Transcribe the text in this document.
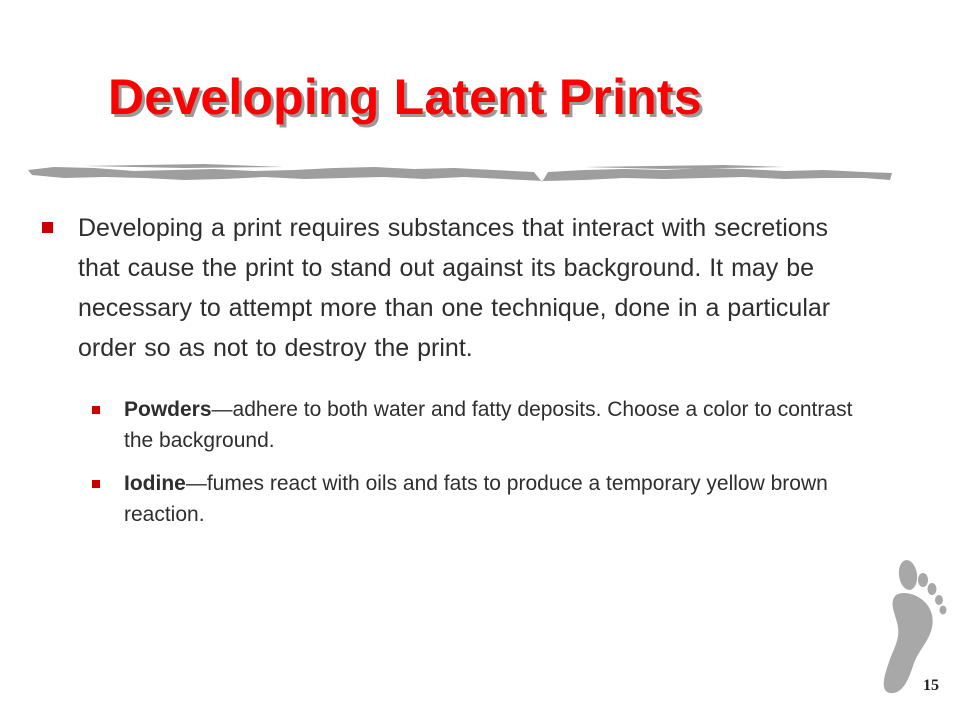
Developing Latent Prints
Developing a print requires substances that interact with secretions that cause the print to stand out against its background. It may be necessary to attempt more than one technique, done in a particular order so as not to destroy the print.
Powders—adhere to both water and fatty deposits. Choose a color to contrast the background.
Iodine—fumes react with oils and fats to produce a temporary yellow brown reaction.
15
